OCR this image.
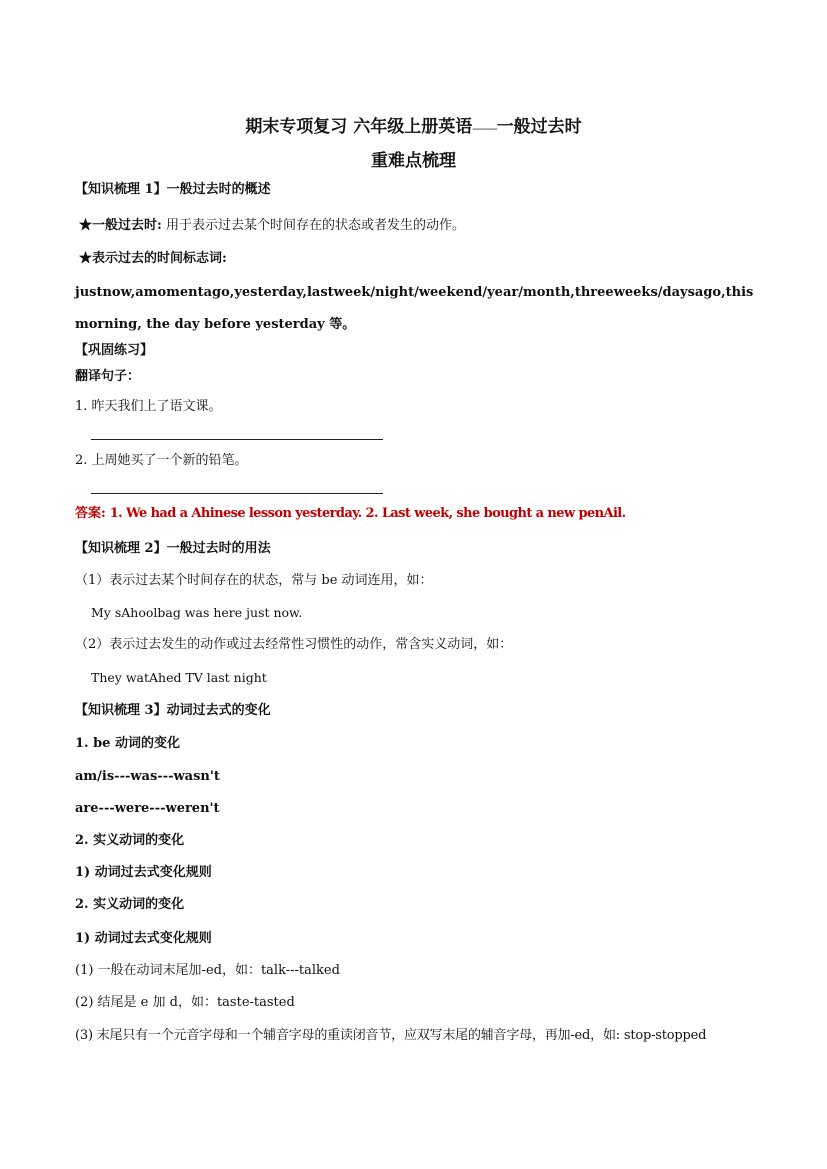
期末专项复习 六年级上册英语---------一般过去时
重难点梳理
【知识梳理 1】一般过去时的概述
★一般过去时: 用于表示过去某个时间存在的状态或者发生的动作。
★表示过去的时间标志词:
just now, a moment ago, yesterday, last week/night/weekend/year/month, three weeks/ days ago, this
morning, the day before yesterday 等。
【巩固练习】
翻译句子：
1. 昨天我们上了语文课。
2. 上周她买了一个新的铅笔。
答案: 1. We had a Ahinese lesson yesterday. 2. Last week, she bought a new penAil.
【知识梳理 2】一般过去时的用法
（1）表示过去某个时间存在的状态，常与 be 动词连用，如：
My sAhoolbag was here just now.
（2）表示过去发生的动作或过去经常性习惯性的动作，常含实义动词，如：
They watAhed TV last night
【知识梳理 3】动词过去式的变化
1. be 动词的变化
am/is---was---wasn't
are---were---weren't
2. 实义动词的变化
1) 动词过去式变化规则
2. 实义动词的变化
1) 动词过去式变化规则
(1) 一般在动词末尾加-ed，如：talk---talked
(2) 结尾是 e 加 d，如：taste-tasted
(3) 末尾只有一个元音字母和一个辅音字母的重读闭音节，应双写末尾的辅音字母，再加-ed，如: stop-stopped
